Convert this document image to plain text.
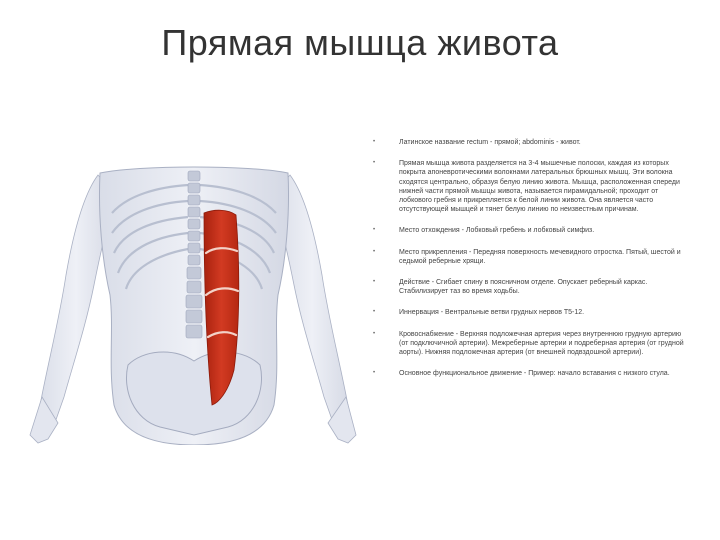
Прямая мышца живота
•	Латинское название rectum - прямой; abdominis - живот.
•	Прямая мышца живота разделяется на 3-4 мышечные полоски, каждая из которых покрыта апоневротическими волокнами латеральных брюшных мышц. Эти волокна сходятся центрально, образуя белую линию живота. Мышца, расположенная спереди нижней части прямой мышцы живота, называется пирамидальной; проходит от лобкового гребня и прикрепляется к белой линии живота. Она является часто отсутствующей мышцей и тянет белую линию по неизвестным причинам.
•	Место отхождения - Лобковый гребень и лобковый симфиз.
•	Место прикрепления - Передняя поверхность мечевидного отростка. Пятый, шестой и седьмой реберные хрящи.
•	Действие - Сгибает спину в поясничном отделе. Опускает реберный каркас. Стабилизирует таз во время ходьбы.
•	Иннервация - Вентральные ветви грудных нервов T5-12.
•	Кровоснабжение - Верхняя подложечная артерия через внутреннюю грудную артерию (от подключичной артерии). Межреберные артерии и подреберная артерия (от грудной аорты). Нижняя подложечная артерия (от внешней подвздошной артерии).
•	Основное функциональное движение - Пример: начало вставания с низкого стула.
